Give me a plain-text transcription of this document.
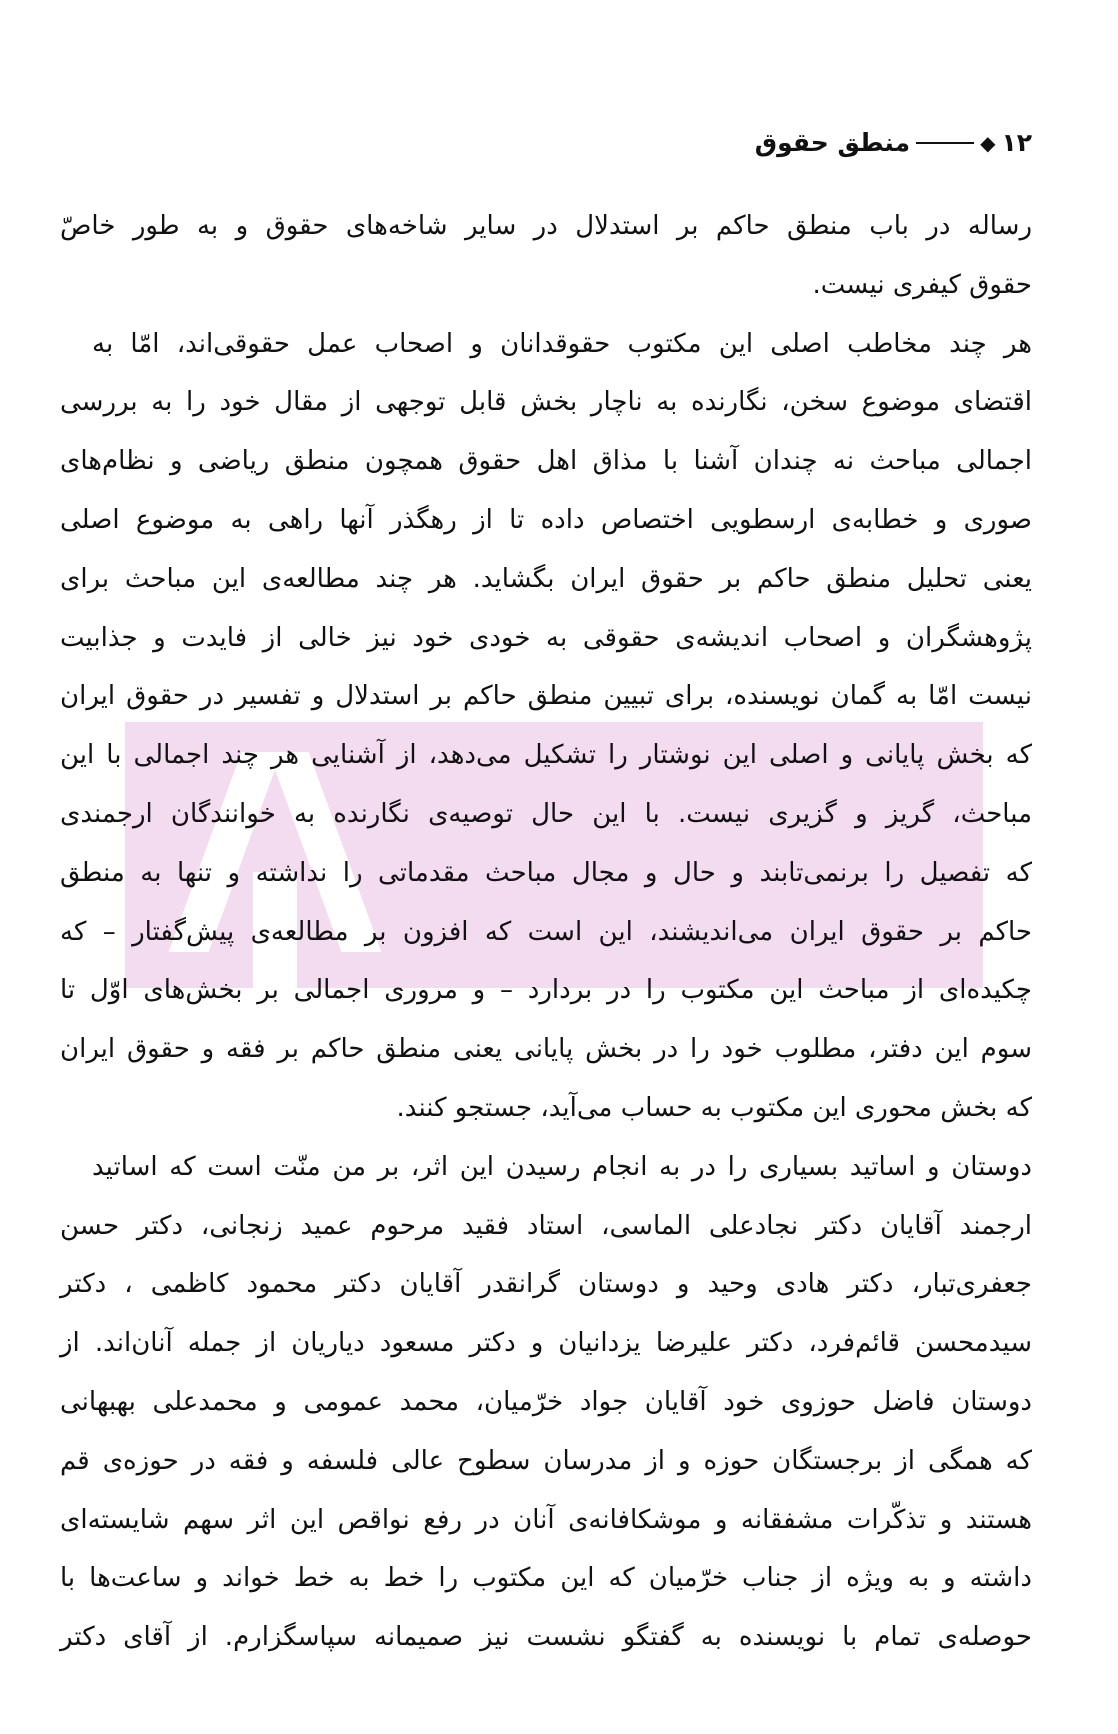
۱۲
◆
منطق حقوق
رساله در باب منطق حاکم بر استدلال در سایر شاخه‌های حقوق و به طور خاصّ
حقوق کیفری نیست.
هر چند مخاطب اصلی این مکتوب حقوقدانان و اصحاب عمل حقوقی‌اند، امّا به
اقتضای موضوع سخن، نگارنده به ناچار بخش قابل توجهی از مقال خود را به بررسی
اجمالی مباحث نه چندان آشنا با مذاق اهل حقوق همچون منطق ریاضی و نظام‌های
صوری و خطابه‌ی ارسطویی اختصاص داده تا از رهگذر آنها راهی به موضوع اصلی
یعنی تحلیل منطق حاکم بر حقوق ایران بگشاید. هر چند مطالعه‌ی این مباحث برای
پژوهشگران و اصحاب اندیشه‌ی حقوقی به خودی خود نیز خالی از فایدت و جذابیت
نیست امّا به گمان نویسنده، برای تبیین منطق حاکم بر استدلال و تفسیر در حقوق ایران
که بخش پایانی و اصلی این نوشتار را تشکیل می‌دهد، از آشنایی هر چند اجمالی با این
مباحث، گریز و گزیری نیست. با این حال توصیه‌ی نگارنده به خوانندگان ارجمندی
که تفصیل را برنمی‌تابند و حال و مجال مباحث مقدماتی را نداشته و تنها به منطق
حاکم بر حقوق ایران می‌اندیشند، این است که افزون بر مطالعه‌ی پیش‌گفتار – که
چکیده‌ای از مباحث این مکتوب را در بردارد – و مروری اجمالی بر بخش‌های اوّل تا
سوم این دفتر، مطلوب خود را در بخش پایانی یعنی منطق حاکم بر فقه و حقوق ایران
که بخش محوری این مکتوب به حساب می‌آید، جستجو کنند.
دوستان و اساتید بسیاری را در به انجام رسیدن این اثر، بر من منّت است که اساتید
ارجمند آقایان دکتر نجادعلی الماسی، استاد فقید مرحوم عمید زنجانی، دکتر حسن
جعفری‌تبار، دکتر هادی وحید و دوستان گرانقدر آقایان دکتر محمود کاظمی ، دکتر
سیدمحسن قائم‌فرد، دکتر علیرضا یزدانیان و دکتر مسعود دیاریان از جمله آنان‌اند. از
دوستان فاضل حوزوی خود آقایان جواد خرّمیان، محمد عمومی و محمدعلی بهبهانی
که همگی از برجستگان حوزه و از مدرسان سطوح عالی فلسفه و فقه در حوزه‌ی قم
هستند و تذکّرات مشفقانه و موشکافانه‌ی آنان در رفع نواقص این اثر سهم شایسته‌ای
داشته و به ویژه از جناب خرّمیان که این مکتوب را خط به خط خواند و ساعت‌ها با
حوصله‌ی تمام با نویسنده به گفتگو نشست نیز صمیمانه سپاسگزارم. از آقای دکتر
